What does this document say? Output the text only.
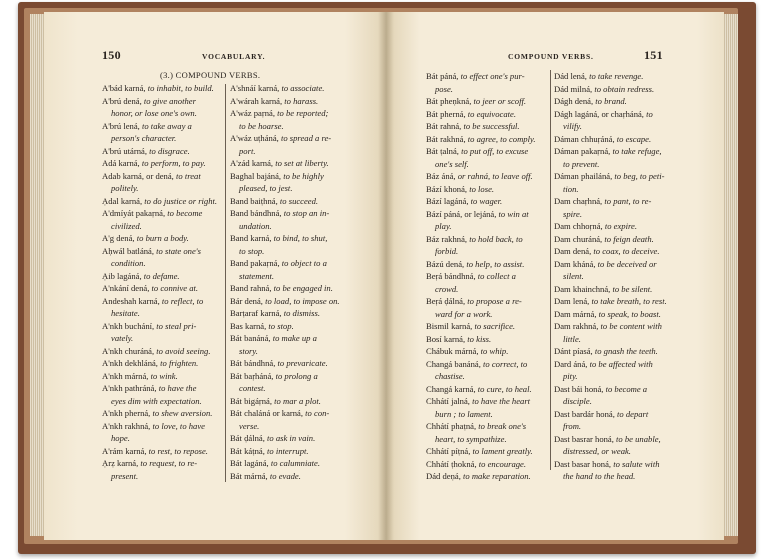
150	VOCABULARY.
(3.) COMPOUND VERBS.
A'bád karná, to inhabit, to build.
A'brú dená, to give another
honor, or lose one's own.
A'brú lená, to take away a
person's character.
A'brú utárná, to disgrace.
Adá karná, to perform, to pay.
Adab karná, or dená, to treat
politely.
Ạdal karná, to do justice or right.
A'dmíyát pakaṛná, to become
civilized.
A'g dená, to burn a body.
Aḥwál batláná, to state one's
condition.
Ạib lagáná, to defame.
A'nkání dená, to connive at.
Andeshah karná, to reflect, to
hesitate.
A'nkh buchání, to steal pri-
vately.
A'nkh churáná, to avoid seeing.
A'nkh dekhláná, to frighten.
A'nkh márná, to wink.
A'nkh pathráná, to have the
eyes dim with expectation.
A'nkh pherná, to shew aversion.
A'nkh rakhná, to love, to have
hope.
A'rám karná, to rest, to repose.
Ạrẓ karná, to request, to re-
present.
A'shnáí karná, to associate.
A'wárah karná, to harass.
A'wáz paṛná, to be reported;
to be hoarse.
A'wáz uṭháná, to spread a re-
port.
A'zád karná, to set at liberty.
Baghal bajáná, to be highly
pleased, to jest.
Band baiṭhná, to succeed.
Band bándhná, to stop an in-
undation.
Band karná, to bind, to shut,
to stop.
Band pakaṛná, to object to a
statement.
Band rahná, to be engaged in.
Bár dená, to load, to impose on.
Barṭaraf karná, to dismiss.
Bas karná, to stop.
Bát banáná, to make up a
story.
Bát bándhná, to prevaricate.
Bát baṛháná, to prolong a
contest.
Bát bigáṛná, to mar a plot.
Bát chaláná or karná, to con-
verse.
Bát ḍálná, to ask in vain.
Bát káṭná, to interrupt.
Bát lagáná, to calumniate.
Bát márná, to evade.
COMPOUND VERBS.	151
Bát páná, to effect one's pur-
pose.
Bát pheṇkná, to jeer or scoff.
Bát pherná, to equivocate.
Bát rahná, to be successful.
Bát rakhná, to agree, to comply.
Bát ṭalná, to put off, to excuse
one's self.
Báz áná, or rahná, to leave off.
Bází khoná, to lose.
Bází lagáná, to wager.
Bází páná, or lejáná, to win at
play.
Báz rakhná, to hold back, to
forbid.
Bázú dená, to help, to assist.
Beṛá bándhná, to collect a
crowd.
Beṛá ḍálná, to propose a re-
ward for a work.
Bismil karná, to sacrifice.
Bosí karná, to kiss.
Chábuk márná, to whip.
Changá banáná, to correct, to
chastise.
Changá karná, to cure, to heal.
Chhátí jalná, to have the heart
burn ; to lament.
Chhátí phaṭná, to break one's
heart, to sympathize.
Chhátí píṭná, to lament greatly.
Chhátí ṭhokná, to encourage.
Dád deṇá, to make reparation.
Dád lená, to take revenge.
Dád milná, to obtain redress.
Dágh dená, to brand.
Dágh lagáná, or chaṛháná, to
vilify.
Dáman chhuṛáná, to escape.
Dáman pakaṛná, to take refuge,
to prevent.
Dáman phailáná, to beg, to peti-
tion.
Dam chaṛhná, to pant, to re-
spire.
Dam chhoṛná, to expire.
Dam churáná, to feign death.
Dam dená, to coax, to deceive.
Dam kháná, to be deceived or
silent.
Dam khainchná, to be silent.
Dam lená, to take breath, to rest.
Dam márná, to speak, to boast.
Dam rakhná, to be content with
little.
Dánt píasá, to gnash the teeth.
Dard áná, to be affected with
pity.
Dast bái honá, to become a
disciple.
Dast bardár honá, to depart
from.
Dast basrar honá, to be unable,
distressed, or weak.
Dast basar honá, to salute with
the hand to the head.
